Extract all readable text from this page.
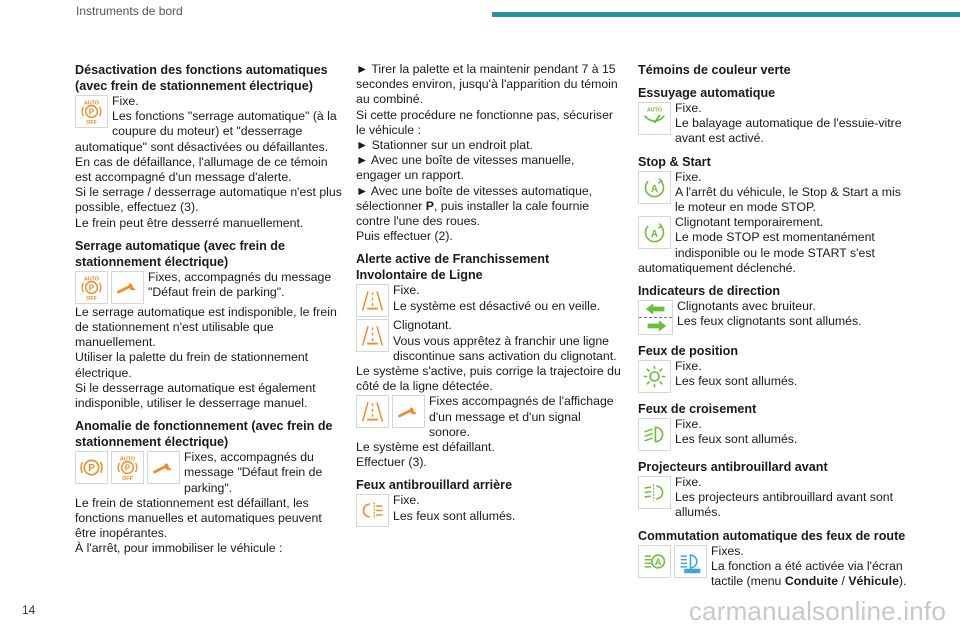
Instruments de bord
Désactivation des fonctions automatiques (avec frein de stationnement électrique)

Fixe.

Les fonctions "serrage automatique" (à la coupure du moteur) et "desserrage automatique" sont désactivées ou défaillantes.

En cas de défaillance, l'allumage de ce témoin est accompagné d'un message d'alerte.

Si le serrage / desserrage automatique n'est plus possible, effectuez (3).

Le frein peut être desserré manuellement.

Serrage automatique (avec frein de stationnement électrique)

Fixes, accompagnés du message "Défaut frein de parking".

Le serrage automatique est indisponible, le frein de stationnement n'est utilisable que manuellement.

Utiliser la palette du frein de stationnement électrique.

Si le desserrage automatique est également indisponible, utiliser le desserrage manuel.

Anomalie de fonctionnement (avec frein de stationnement électrique)

Fixes, accompagnés du message "Défaut frein de parking".

Le frein de stationnement est défaillant, les fonctions manuelles et automatiques peuvent être inopérantes.

À l'arrêt, pour immobiliser le véhicule :

► Tirer la palette et la maintenir pendant 7 à 15 secondes environ, jusqu'à l'apparition du témoin au combiné.

Si cette procédure ne fonctionne pas, sécuriser le véhicule :

► Stationner sur un endroit plat.

► Avec une boîte de vitesses manuelle, engager un rapport.

► Avec une boîte de vitesses automatique, sélectionner P, puis installer la cale fournie contre l'une des roues.

Puis effectuer (2).

Alerte active de Franchissement Involontaire de Ligne

Fixe.

Le système est désactivé ou en veille.

Clignotant.

Vous vous apprêtez à franchir une ligne discontinue sans activation du clignotant.

Le système s'active, puis corrige la trajectoire du côté de la ligne détectée.

Fixes accompagnés de l'affichage d'un message et d'un signal sonore.

Le système est défaillant.

Effectuer (3).

Feux antibrouillard arrière

Fixe.

Les feux sont allumés.

Témoins de couleur verte
Essuyage automatique

Fixe.

Le balayage automatique de l'essuie-vitre avant est activé.

Stop & Start

Fixe.

A l'arrêt du véhicule, le Stop & Start a mis le moteur en mode STOP.

Clignotant temporairement.

Le mode STOP est momentanément indisponible ou le mode START s'est automatiquement déclenché.

Indicateurs de direction

Clignotants avec bruiteur.

Les feux clignotants sont allumés.

Feux de position

Fixe.

Les feux sont allumés.

Feux de croisement

Fixe.

Les feux sont allumés.

Projecteurs antibrouillard avant

Fixe.

Les projecteurs antibrouillard avant sont allumés.

Commutation automatique des feux de route

Fixes.

La fonction a été activée via l'écran tactile (menu Conduite / Véhicule).

14	carmanualsonline.info
